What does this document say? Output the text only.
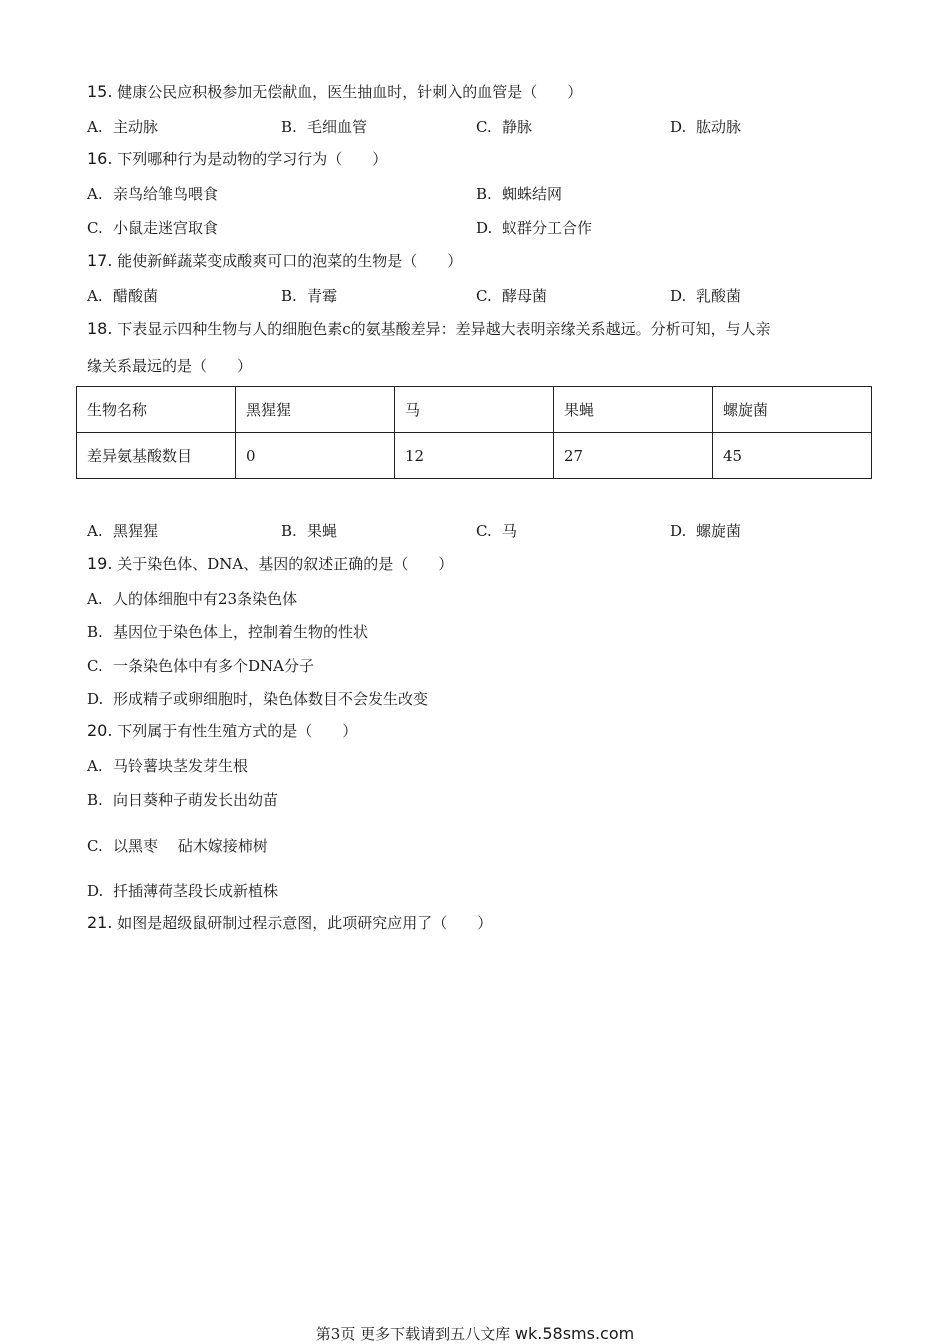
15. 健康公民应积极参加无偿献血，医生抽血时，针刺入的血管是（　　）
A. 主动脉	B. 毛细血管	C. 静脉	D. 肱动脉
16. 下列哪种行为是动物的学习行为（　　）
A. 亲鸟给雏鸟喂食	B. 蜘蛛结网
C. 小鼠走迷宫取食	D. 蚁群分工合作
17. 能使新鲜蔬菜变成酸爽可口的泡菜的生物是（　　）
A. 醋酸菌	B. 青霉	C. 酵母菌	D. 乳酸菌
18. 下表显示四种生物与人的细胞色素c的氨基酸差异：差异越大表明亲缘关系越远。分析可知，与人亲
缘关系最远的是（　　）
生物名称	黑猩猩	马	果蝇	螺旋菌
差异氨基酸数目	0	12	27	45
A. 黑猩猩	B. 果蝇	C. 马	D. 螺旋菌
19. 关于染色体、DNA、基因的叙述正确的是（　　）
A. 人的体细胞中有23条染色体
B. 基因位于染色体上，控制着生物的性状
C. 一条染色体中有多个DNA分子
D. 形成精子或卵细胞时，染色体数目不会发生改变
20. 下列属于有性生殖方式的是（　　）
A. 马铃薯块茎发芽生根
B. 向日葵种子萌发长出幼苗
C. 以黑枣　 砧木嫁接柿树
D. 扦插薄荷茎段长成新植株
21. 如图是超级鼠研制过程示意图，此项研究应用了（　　）
第3页 更多下载请到五八文库 wk.58sms.com
